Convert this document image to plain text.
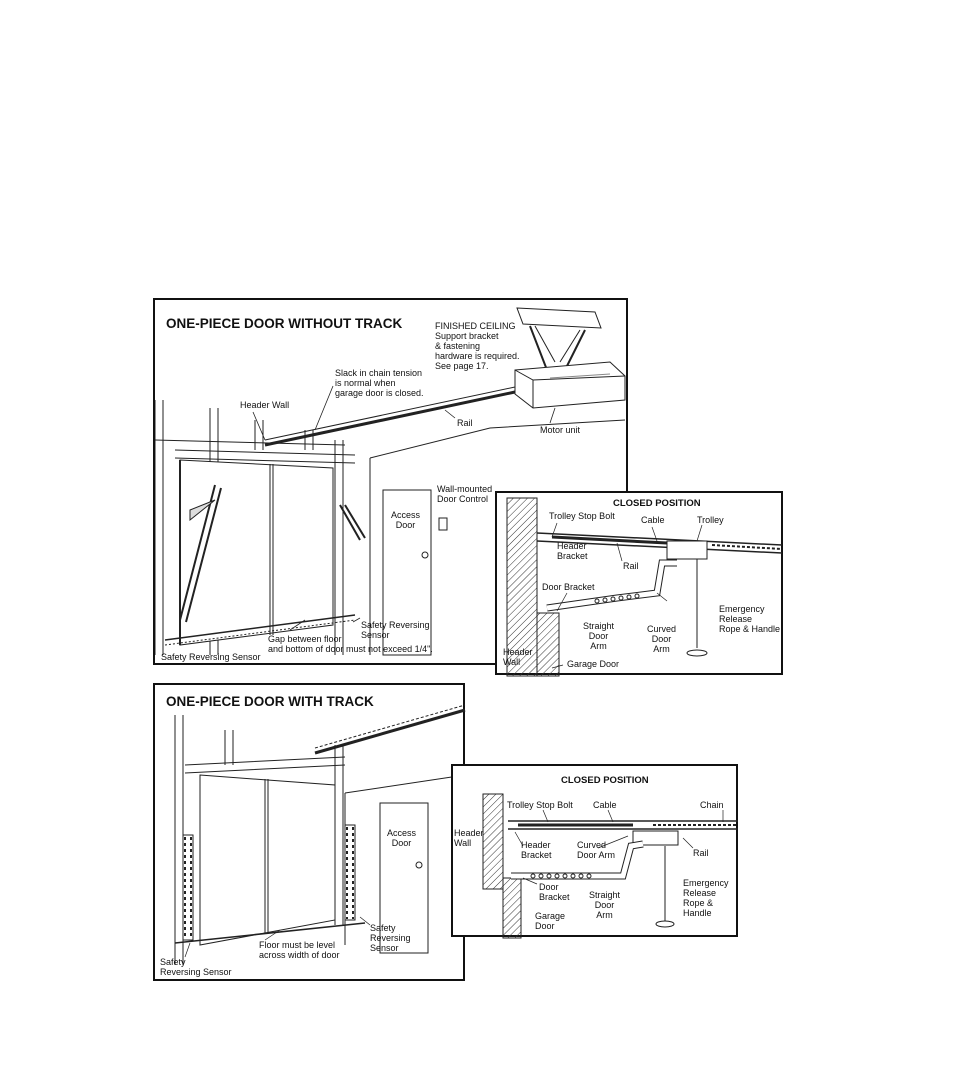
ONE-PIECE DOOR WITHOUT TRACK	FINISHED CEILING
Support bracket
& fastening
hardware is required.
See page 17.
Slack in chain tension
is normal when
garage door is closed.
Header Wall
Rail
Motor unit
Wall-mounted
Door Control
Access
Door
Safety Reversing
Sensor
Gap between floor
and bottom of door must not exceed 1/4".
Safety Reversing Sensor
CLOSED POSITION
Trolley Stop Bolt	Cable	Trolley
Header
Bracket
Rail
Door Bracket
Emergency
Release
Rope & Handle
Straight
Door
Arm
Curved
Door
Arm
Header
Wall	Garage Door
ONE-PIECE DOOR WITH TRACK
Access
Door
Floor must be level
across width of door
Safety
Reversing
Sensor
Safety
Reversing Sensor
CLOSED POSITION
Trolley Stop Bolt Cable	Chain
Header
Wall	Header
Bracket
Curved
Door Arm	Rail
Emergency
Release
Rope &
Handle
Door
Bracket Straight
Door
Arm
Garage
Door
